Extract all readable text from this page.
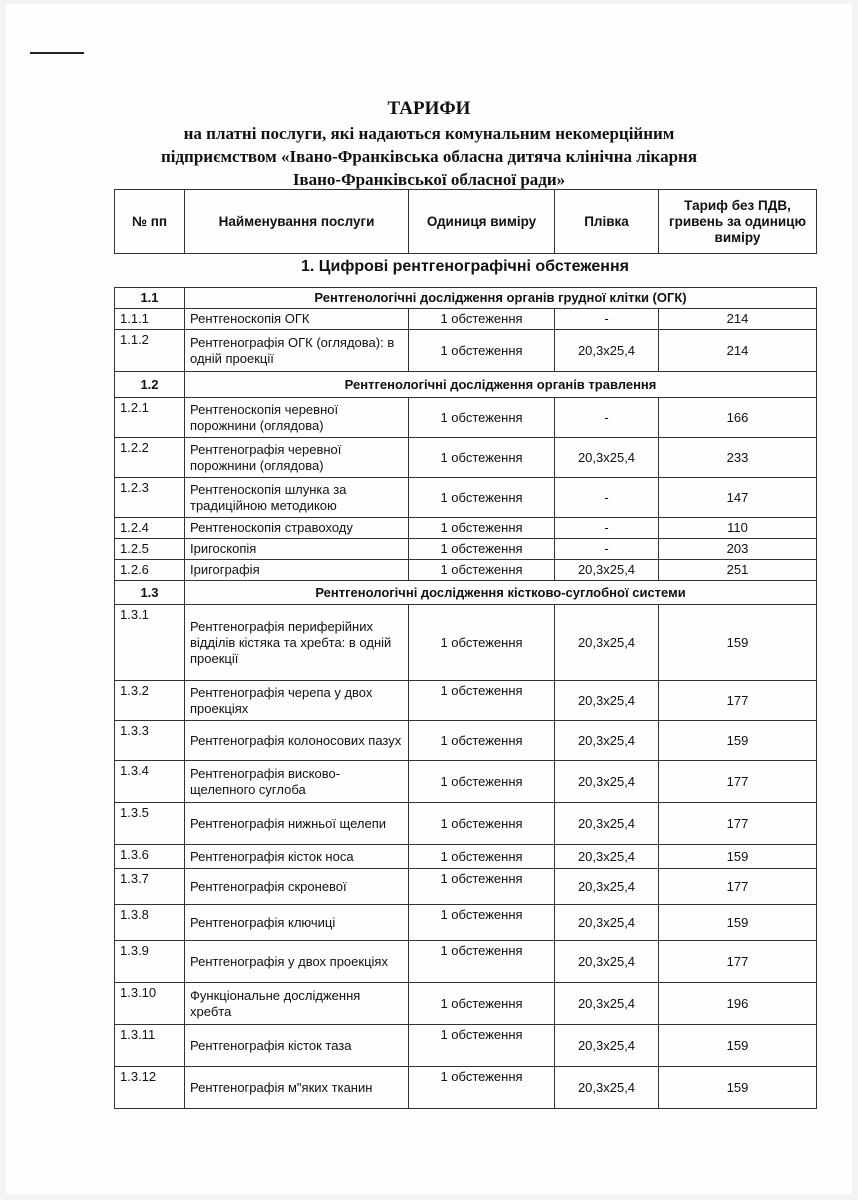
ТАРИФИ
на платні послуги, які надаються комунальним некомерційним
підприємством «Івано-Франківська обласна дитяча клінічна лікарня
Івано-Франківської обласної ради»
№ пп	Найменування послуги	Одиниця виміру	Плівка	Тариф без ПДВ, гривень за одиницю виміру
1. Цифрові рентгенографічні обстеження
1.1	Рентгенологічні дослідження органів грудної клітки (ОГК)			
1.1.1	Рентгеноскопія ОГК	1 обстеження	-	214
1.1.2	Рентгенографія ОГК (оглядова): в одній проекції	1 обстеження	20,3х25,4	214
1.2	Рентгенологічні дослідження органів травлення			
1.2.1	Рентгеноскопія черевної порожнини (оглядова)	1 обстеження	-	166
1.2.2	Рентгенографія черевної порожнини (оглядова)	1 обстеження	20,3х25,4	233
1.2.3	Рентгеноскопія шлунка за традиційною методикою	1 обстеження	-	147
1.2.4	Рентгеноскопія стравоходу	1 обстеження	-	110
1.2.5	Іригоскопія	1 обстеження	-	203
1.2.6	Іригографія	1 обстеження	20,3х25,4	251
1.3	Рентгенологічні дослідження кістково-суглобної системи			
1.3.1	Рентгенографія периферійних відділів кістяка та хребта: в одній проекції	1 обстеження	20,3х25,4	159
1.3.2	Рентгенографія черепа у двох проекціях	1 обстеження	20,3х25,4	177
1.3.3	Рентгенографія колоносових пазух	1 обстеження	20,3х25,4	159
1.3.4	Рентгенографія висково-щелепного суглоба	1 обстеження	20,3х25,4	177
1.3.5	Рентгенографія нижньої щелепи	1 обстеження	20,3х25,4	177
1.3.6	Рентгенографія кісток носа	1 обстеження	20,3х25,4	159
1.3.7	Рентгенографія скроневої	1 обстеження	20,3х25,4	177
1.3.8	Рентгенографія ключиці	1 обстеження	20,3х25,4	159
1.3.9	Рентгенографія у двох проекціях	1 обстеження	20,3х25,4	177
1.3.10	Функціональне дослідження хребта	1 обстеження	20,3х25,4	196
1.3.11	Рентгенографія кісток таза	1 обстеження	20,3х25,4	159
1.3.12	Рентгенографія м"яких тканин	1 обстеження	20,3х25,4	159
